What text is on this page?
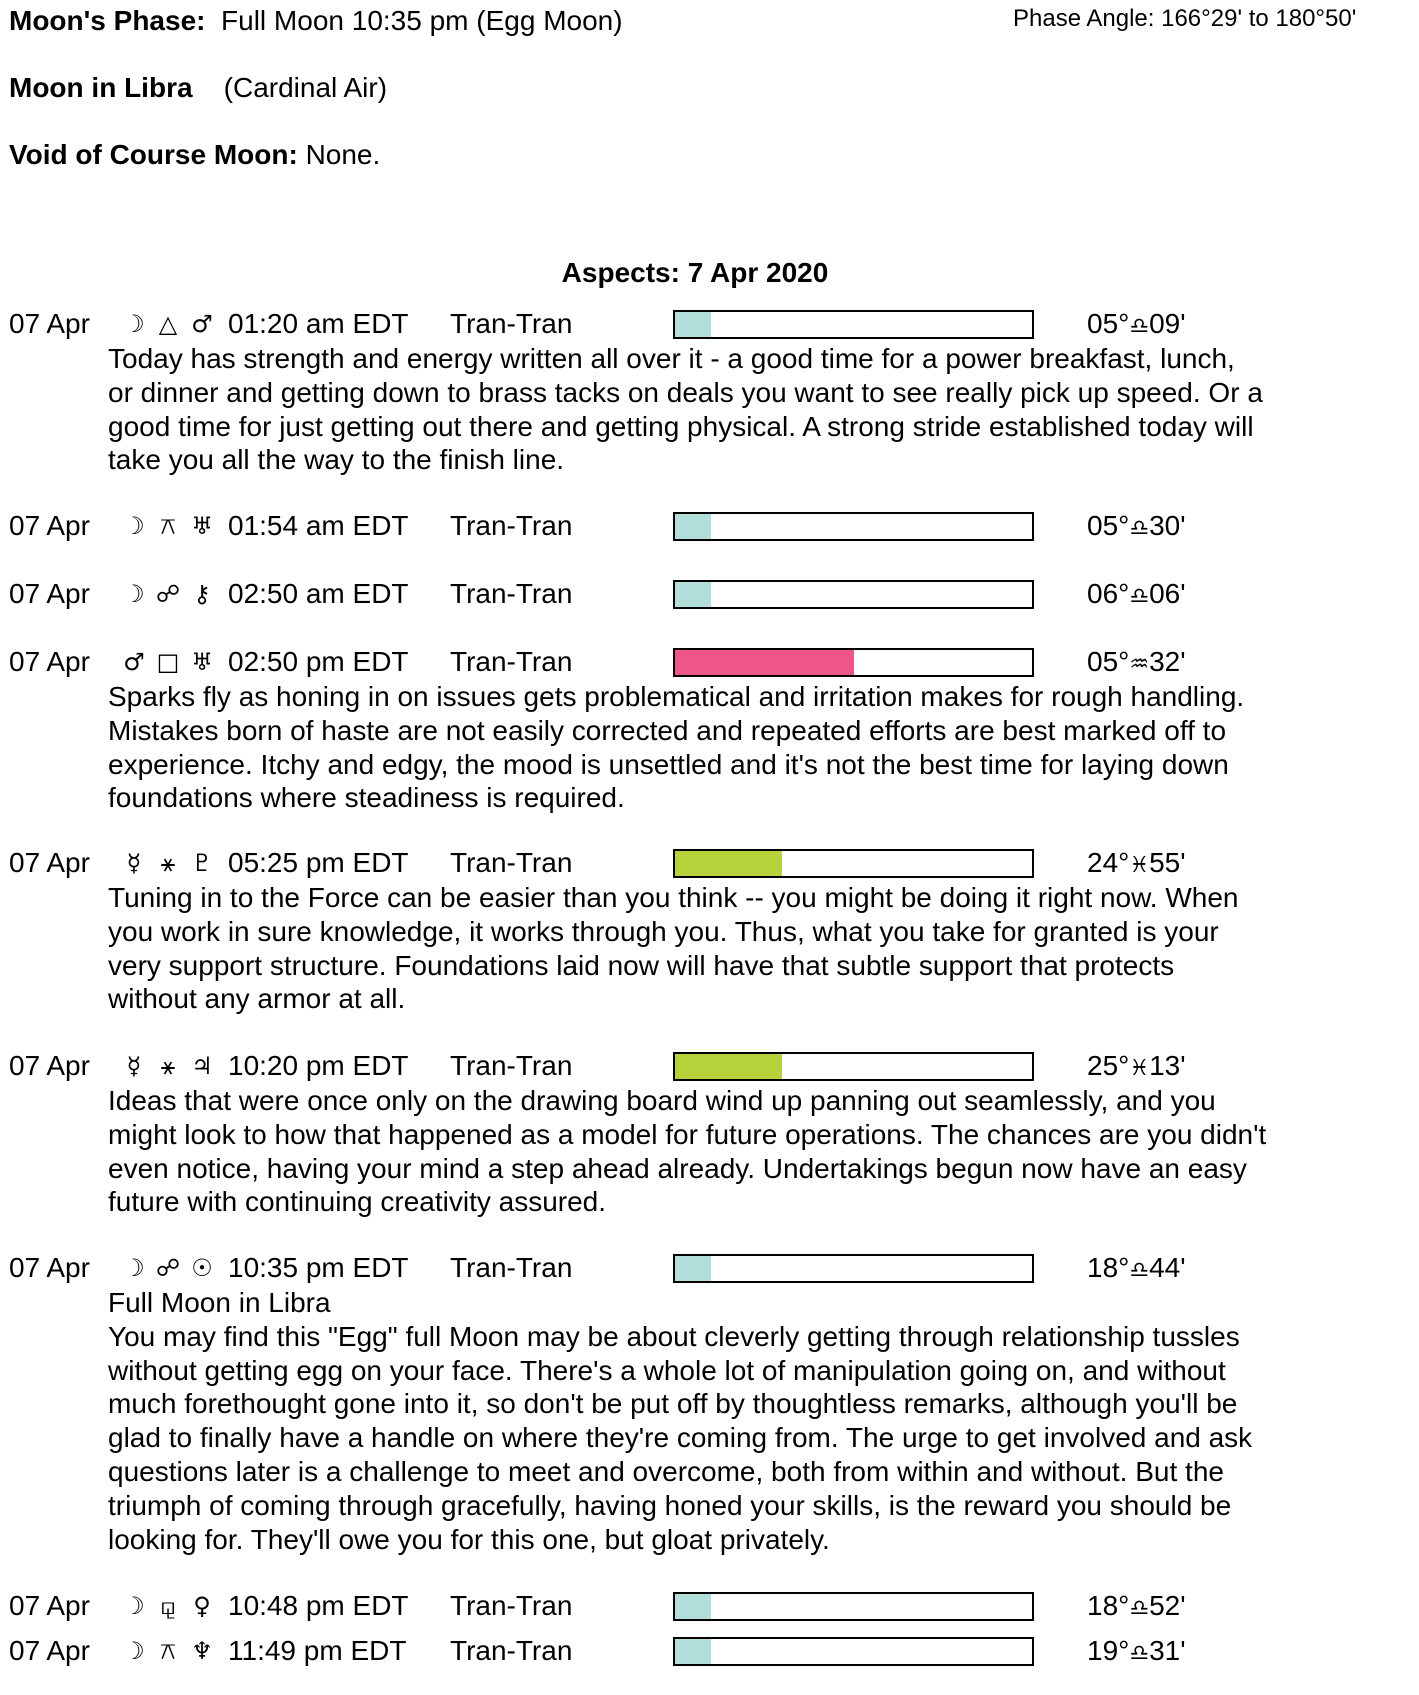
Moon's Phase: Full Moon 10:35 pm (Egg Moon)	Phase Angle: 166°29' to 180°50'
Moon in Libra (Cardinal Air)
Void of Course Moon: None.
Aspects: 7 Apr 2020
07 Apr ☽ △ ♂ 01:20 am EDT Tran-Tran	05°♎09'
Today has strength and energy written all over it - a good time for a power breakfast, lunch,
or dinner and getting down to brass tacks on deals you want to see really pick up speed. Or a
good time for just getting out there and getting physical. A strong stride established today will
take you all the way to the finish line.
07 Apr ☽ ⚻ ♅ 01:54 am EDT Tran-Tran	05°♎30'
07 Apr ☽ ☍ ⚷ 02:50 am EDT Tran-Tran	06°♎06'
07 Apr ♂ □ ♅ 02:50 pm EDT Tran-Tran	05°♒32'
Sparks fly as honing in on issues gets problematical and irritation makes for rough handling.
Mistakes born of haste are not easily corrected and repeated efforts are best marked off to
experience. Itchy and edgy, the mood is unsettled and it's not the best time for laying down
foundations where steadiness is required.
07 Apr	☿ ⚹ ♇ 05:25 pm EDT Tran-Tran	24°♓55'
Tuning in to the Force can be easier than you think -- you might be doing it right now. When
you work in sure knowledge, it works through you. Thus, what you take for granted is your
very support structure. Foundations laid now will have that subtle support that protects
without any armor at all.
07 Apr	☿ ⚹ ♃ 10:20 pm EDT Tran-Tran	25°♓13'
Ideas that were once only on the drawing board wind up panning out seamlessly, and you
might look to how that happened as a model for future operations. The chances are you didn't
even notice, having your mind a step ahead already. Undertakings begun now have an easy
future with continuing creativity assured.
07 Apr ☽ ☍ ☉ 10:35 pm EDT Tran-Tran	18°♎44'
Full Moon in Libra
You may find this "Egg" full Moon may be about cleverly getting through relationship tussles
without getting egg on your face. There's a whole lot of manipulation going on, and without
much forethought gone into it, so don't be put off by thoughtless remarks, although you'll be
glad to finally have a handle on where they're coming from. The urge to get involved and ask
questions later is a challenge to meet and overcome, both from within and without. But the
triumph of coming through gracefully, having honed your skills, is the reward you should be
looking for. They'll owe you for this one, but gloat privately.
07 Apr ☽ ⚼ ♀ 10:48 pm EDT Tran-Tran	18°♎52'
07 Apr ☽ ⚻ ♆ 11:49 pm EDT Tran-Tran	19°♎31'
